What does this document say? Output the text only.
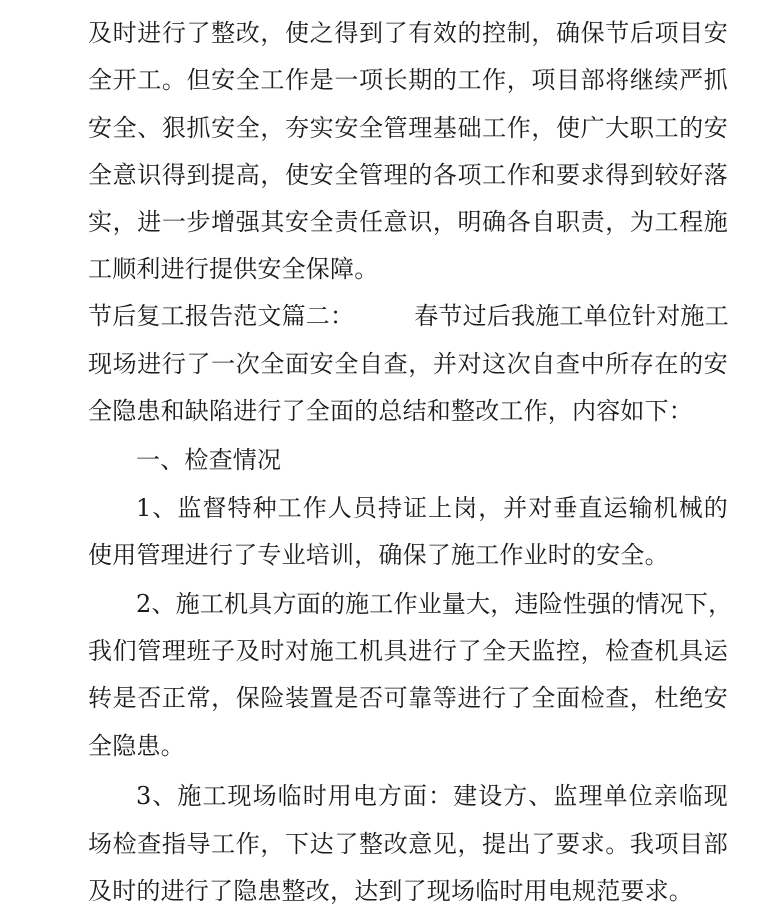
及时进行了整改，使之得到了有效的控制，确保节后项目安
全开工。但安全工作是一项长期的工作，项目部将继续严抓
安全、狠抓安全，夯实安全管理基础工作，使广大职工的安
全意识得到提高，使安全管理的各项工作和要求得到较好落
实，进一步增强其安全责任意识，明确各自职责，为工程施
工顺利进行提供安全保障。
节后复工报告范文篇二：	春节过后我施工单位针对施工
现场进行了一次全面安全自查，并对这次自查中所存在的安
全隐患和缺陷进行了全面的总结和整改工作，内容如下：
一、检查情况
1、监督特种工作人员持证上岗，并对垂直运输机械的
使用管理进行了专业培训，确保了施工作业时的安全。
2、施工机具方面的施工作业量大，违险性强的情况下，
我们管理班子及时对施工机具进行了全天监控，检查机具运
转是否正常，保险装置是否可靠等进行了全面检查，杜绝安
全隐患。
3、施工现场临时用电方面：建设方、监理单位亲临现
场检查指导工作，下达了整改意见，提出了要求。我项目部
及时的进行了隐患整改，达到了现场临时用电规范要求。
